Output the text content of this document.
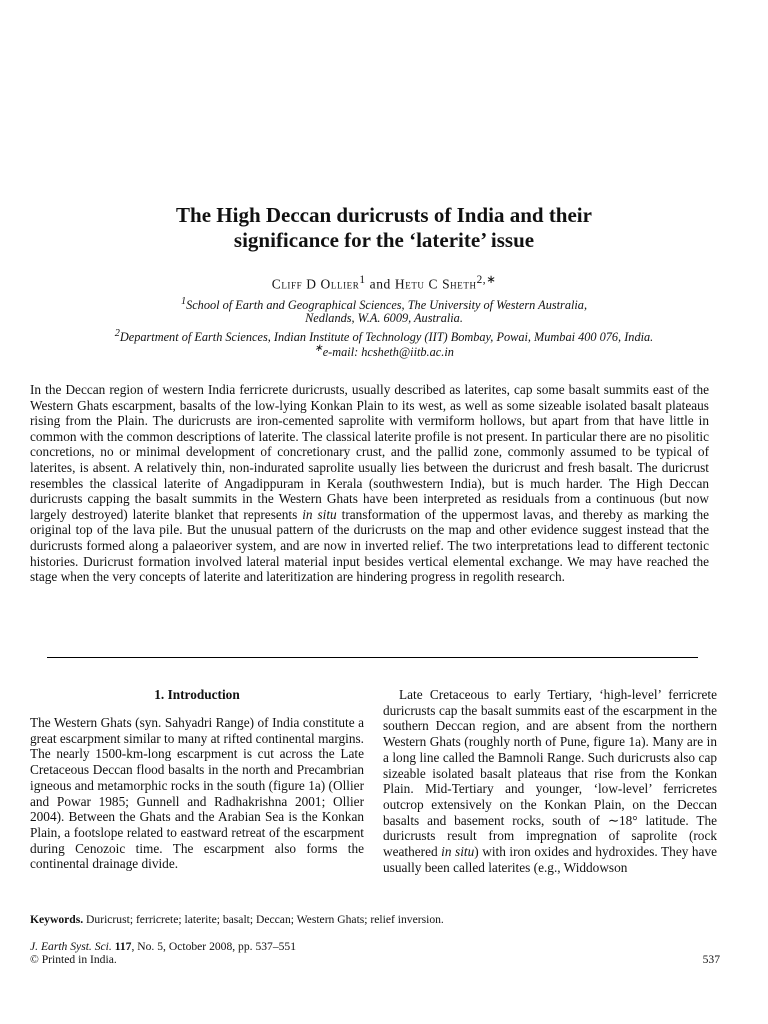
The High Deccan duricrusts of India and their
significance for the ‘laterite’ issue
Cliff D Ollier$^1$ and Hetu C Sheth$^{2,∗}$
$^1$School of Earth and Geographical Sciences, The University of Western Australia,
Nedlands, W.A. 6009, Australia.
$^2$Department of Earth Sciences, Indian Institute of Technology (IIT) Bombay, Powai, Mumbai 400 076, India.
∗e-mail: hcsheth@iitb.ac.in

In the Deccan region of western India ferricrete duricrusts, usually described as laterites, cap some basalt summits east of the Western Ghats escarpment, basalts of the low-lying Konkan Plain to its west, as well as some sizeable isolated basalt plateaus rising from the Plain. The duricrusts are iron-cemented saprolite with vermiform hollows, but apart from that have little in common with the common descriptions of laterite. The classical laterite profile is not present. In particular there are no pisolitic concretions, no or minimal development of concretionary crust, and the pallid zone, commonly assumed to be typical of laterites, is absent. A relatively thin, non-indurated saprolite usually lies between the duricrust and fresh basalt. The duricrust resembles the classical laterite of Angadippuram in Kerala (southwestern India), but is much harder. The High Deccan duricrusts capping the basalt summits in the Western Ghats have been interpreted as residuals from a continuous (but now largely destroyed) laterite blanket that represents in situ transformation of the uppermost lavas, and thereby as marking the original top of the lava pile. But the unusual pattern of the duricrusts on the map and other evidence suggest instead that the duricrusts formed along a palaeoriver system, and are now in inverted relief. The two interpretations lead to different tectonic histories. Duricrust formation involved lateral material input besides vertical elemental exchange. We may have reached the stage when the very concepts of laterite and lateritization are hindering progress in regolith research.

1. Introduction

The Western Ghats (syn. Sahyadri Range) of India constitute a great escarpment similar to many at rifted continental margins. The nearly 1500-km-long escarpment is cut across the Late Cretaceous Deccan flood basalts in the north and Precambrian igneous and metamorphic rocks in the south (figure 1a) (Ollier and Powar 1985; Gunnell and Radhakrishna 2001; Ollier 2004). Between the Ghats and the Arabian Sea is the Konkan Plain, a footslope related to eastward retreat of the escarpment during Cenozoic time. The escarpment also forms the continental drainage divide.

Late Cretaceous to early Tertiary, ‘high-level’ ferricrete duricrusts cap the basalt summits east of the escarpment in the southern Deccan region, and are absent from the northern Western Ghats (roughly north of Pune, figure 1a). Many are in a long line called the Bamnoli Range. Such duricrusts also cap sizeable isolated basalt plateaus that rise from the Konkan Plain. Mid-Tertiary and younger, ‘low-level’ ferricretes outcrop extensively on the Konkan Plain, on the Deccan basalts and basement rocks, south of ∼18° latitude. The duricrusts result from impregnation of saprolite (rock weathered in situ) with iron oxides and hydroxides. They have usually been called laterites (e.g., Widdowson

Keywords. Duricrust; ferricrete; laterite; basalt; Deccan; Western Ghats; relief inversion.
J. Earth Syst. Sci. 117, No. 5, October 2008, pp. 537–551
© Printed in India.	537
